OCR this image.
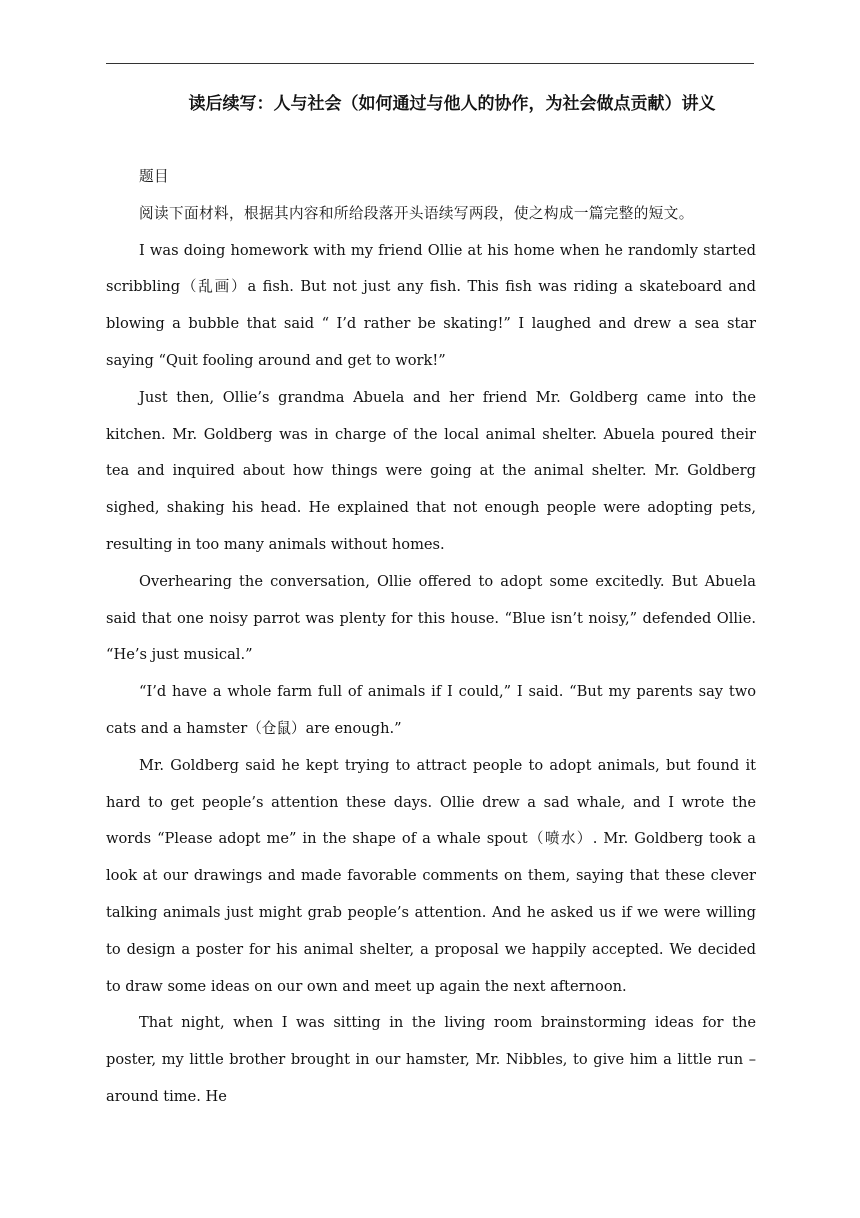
读后续写：人与社会（如何通过与他人的协作，为社会做点贡献）讲义

题目

阅读下面材料，根据其内容和所给段落开头语续写两段，使之构成一篇完整的短文。

I was doing homework with my friend Ollie at his home when he randomly started scribbling（乱画）a fish. But not just any fish. This fish was riding a skateboard and blowing a bubble that said “ I’d rather be skating!” I laughed and drew a sea star saying “Quit fooling around and get to work!”

Just then, Ollie’s grandma Abuela and her friend Mr. Goldberg came into the kitchen. Mr. Goldberg was in charge of the local animal shelter. Abuela poured their tea and inquired about how things were going at the animal shelter. Mr. Goldberg sighed, shaking his head. He explained that not enough people were adopting pets, resulting in too many animals without homes.

Overhearing the conversation, Ollie offered to adopt some excitedly. But Abuela said that one noisy parrot was plenty for this house. “Blue isn’t noisy,” defended Ollie. “He’s just musical.”

“I’d have a whole farm full of animals if I could,” I said. “But my parents say two cats and a hamster（仓鼠）are enough.”

Mr. Goldberg said he kept trying to attract people to adopt animals, but found it hard to get people’s attention these days. Ollie drew a sad whale, and I wrote the words “Please adopt me” in the shape of a whale spout（喷水）. Mr. Goldberg took a look at our drawings and made favorable comments on them, saying that these clever talking animals just might grab people’s attention. And he asked us if we were willing to design a poster for his animal shelter, a proposal we happily accepted. We decided to draw some ideas on our own and meet up again the next afternoon.

That night, when I was sitting in the living room brainstorming ideas for the poster, my little brother brought in our hamster, Mr. Nibbles, to give him a little run – around time. He
